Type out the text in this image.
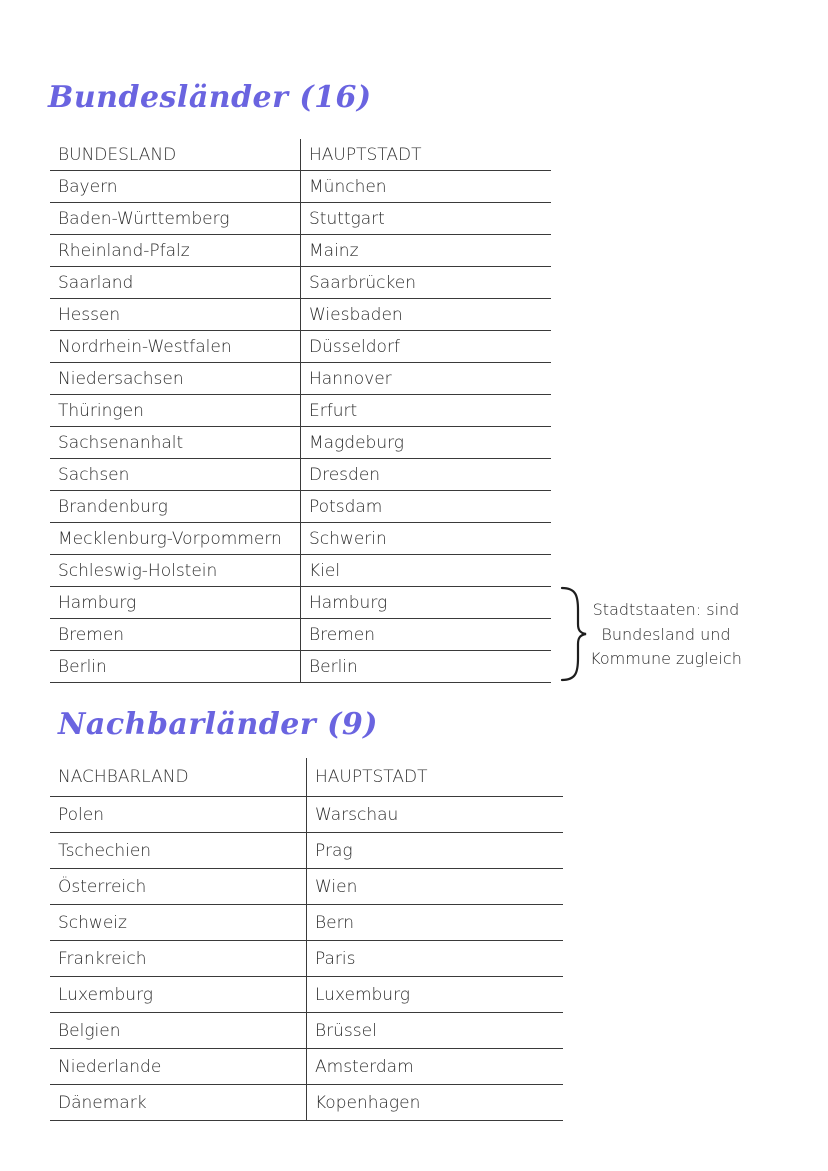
Bundesländer (16)
BUNDESLAND	HAUPTSTADT
Bayern	München
Baden-Württemberg	Stuttgart
Rheinland-Pfalz	Mainz
Saarland	Saarbrücken
Hessen	Wiesbaden
Nordrhein-Westfalen	Düsseldorf
Niedersachsen	Hannover
Thüringen	Erfurt
Sachsenanhalt	Magdeburg
Sachsen	Dresden
Brandenburg	Potsdam
Mecklenburg-Vorpommern	Schwerin
Schleswig-Holstein	Kiel
Hamburg	Hamburg
Bremen	Bremen
Berlin	Berlin
Stadtstaaten: sind
Bundesland und
Kommune zugleich
Nachbarländer (9)
NACHBARLAND	HAUPTSTADT
Polen	Warschau
Tschechien	Prag
Österreich	Wien
Schweiz	Bern
Frankreich	Paris
Luxemburg	Luxemburg
Belgien	Brüssel
Niederlande	Amsterdam
Dänemark	Kopenhagen
